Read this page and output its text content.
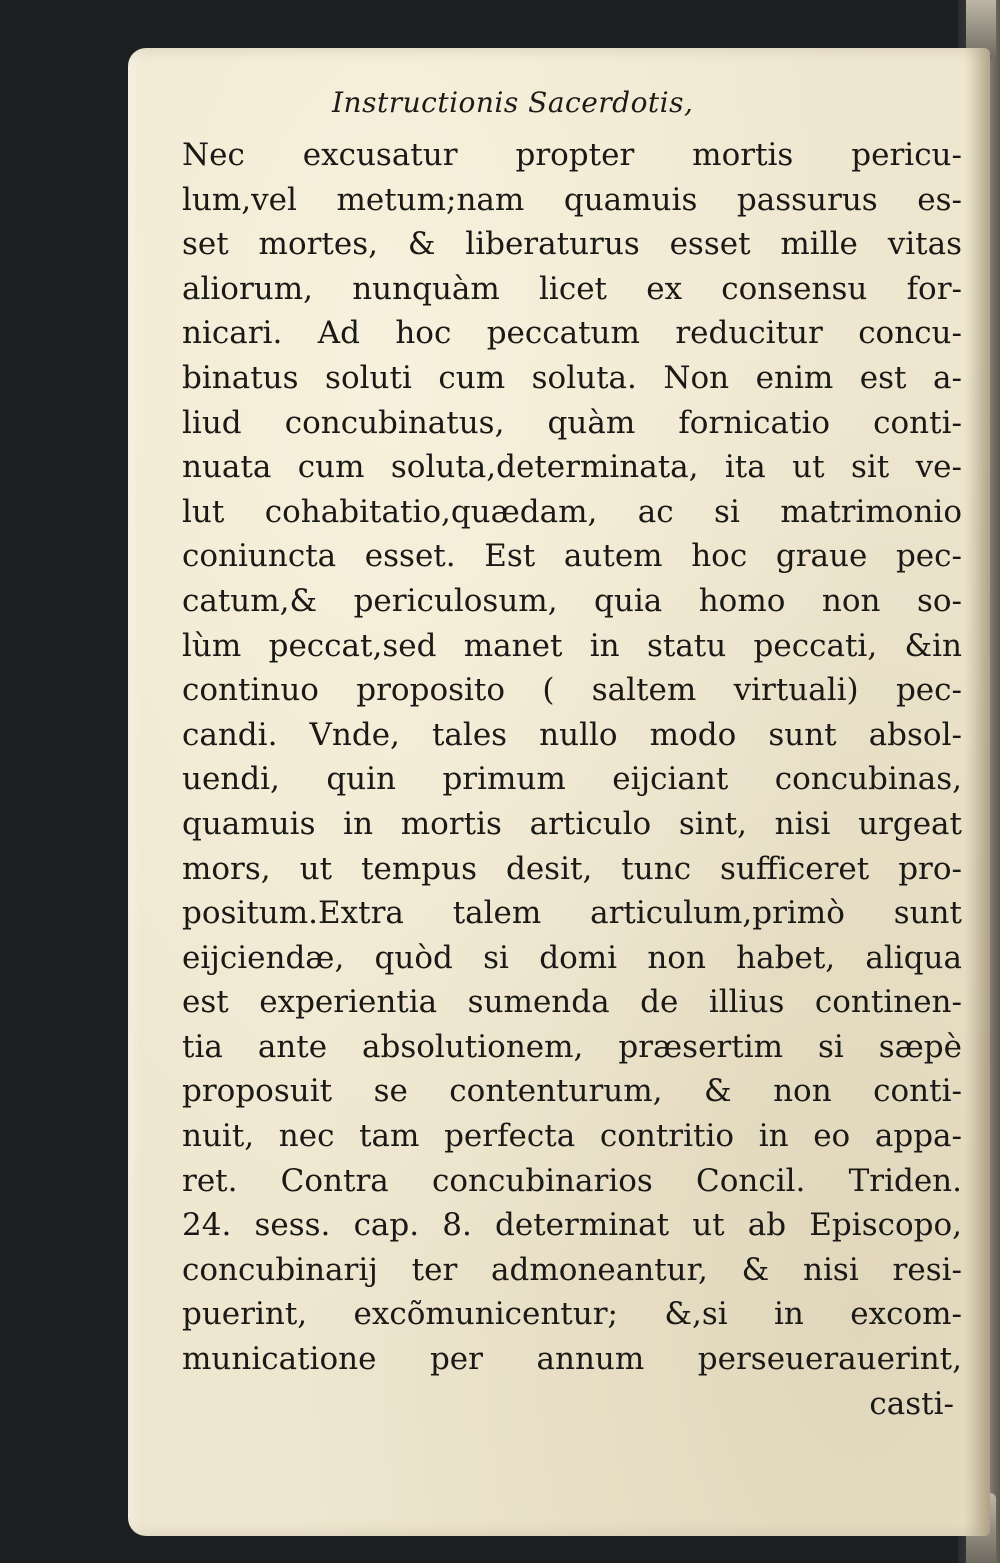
Instructionis Sacerdotis,
Nec excusatur propter mortis pericu-
lum,vel metum;nam quamuis passurus es-
set mortes, & liberaturus esset mille vitas
aliorum, nunquàm licet ex consensu for-
nicari. Ad hoc peccatum reducitur concu-
binatus soluti cum soluta. Non enim est a-
liud concubinatus, quàm fornicatio conti-
nuata cum soluta,determinata, ita ut sit ve-
lut cohabitatio,quædam, ac si matrimonio
coniuncta esset. Est autem hoc graue pec-
catum,& periculosum, quia homo non so-
lùm peccat,sed manet in statu peccati, &in
continuo proposito ( saltem virtuali) pec-
candi. Vnde, tales nullo modo sunt absol-
uendi, quin primum eijciant concubinas,
quamuis in mortis articulo sint, nisi urgeat
mors, ut tempus desit, tunc sufficeret pro-
positum.Extra talem articulum,primò sunt
eijciendæ, quòd si domi non habet, aliqua
est experientia sumenda de illius continen-
tia ante absolutionem, præsertim si sæpè
proposuit se contenturum, & non conti-
nuit, nec tam perfecta contritio in eo appa-
ret. Contra concubinarios Concil. Triden.
24. sess. cap. 8. determinat ut ab Episcopo,
concubinarij ter admoneantur, & nisi resi-
puerint, excõmunicentur; &,si in excom-
municatione per annum perseuerauerint,
casti-
